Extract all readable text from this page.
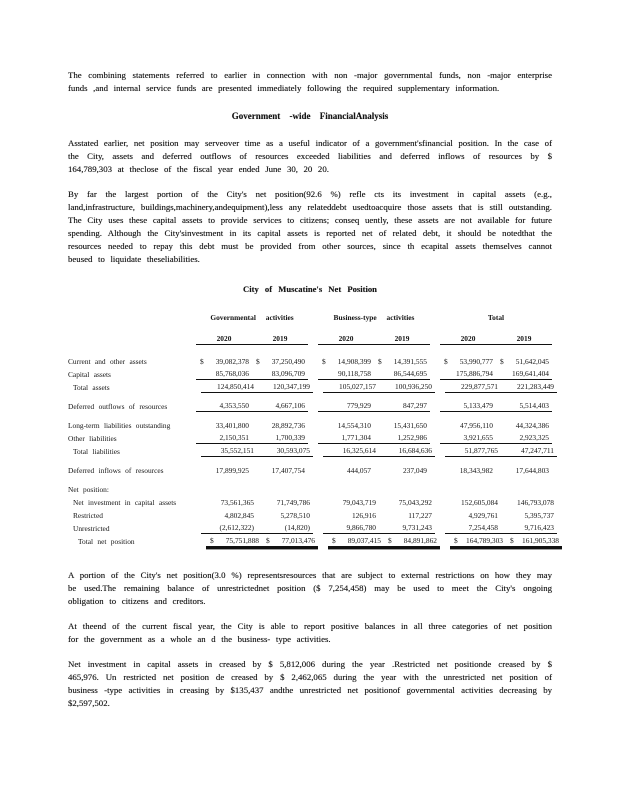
The combining statements referred to earlier in connection with non -major governmental funds, non -major enterprise funds ,and internal service funds are presented immediately following the required supplementary information.

Government -wide FinancialAnalysis

Asstated earlier, net position may serveover time as a useful indicator of a government'sfinancial position. In the case of the City, assets and deferred outflows of resources exceeded liabilities and deferred inflows of resources by $ 164,789,303 at theclose of the fiscal year ended June 30, 20 20.

By far the largest portion of the City's net position(92.6 %) refle cts its investment in capital assets (e.g., land,infrastructure, buildings,machinery,andequipment),less any relateddebt usedtoacquire those assets that is still outstanding. The City uses these capital assets to provide services to citizens; conseq uently, these assets are not available for future spending. Although the City'sinvestment in its capital assets is reported net of related debt, it should be notedthat the resources needed to repay this debt must be provided from other sources, since th ecapital assets themselves cannot beused to liquidate theseliabilities.

City of Muscatine's Net Position
Governmental activities	Business-type activities	Total
2020	2019	2020	2019	2020	2019
Current and other assets	$ 39,082,378 $ 37,250,490	$ 14,908,399 $ 14,391,555	$ 53,990,777 $ 51,642,045
Capital assets	85,768,036	83,096,709	90,118,758	86,544,695	175,886,794	169,641,404
Total assets	124,850,414	120,347,199	105,027,157	100,936,250	229,877,571	221,283,449
Deferred outflows of resources	4,353,550	4,667,106	779,929	847,297	5,133,479	5,514,403
Long-term liabilities outstanding	33,401,800	28,892,736	14,554,310	15,431,650	47,956,110	44,324,386
Other liabilities	2,150,351	1,700,339	1,771,304	1,252,986	3,921,655	2,923,325
Total liabilities	35,552,151	30,593,075	16,325,614	16,684,636	51,877,765	47,247,711
Deferred inflows of resources	17,899,925	17,407,754	444,057	237,049	18,343,982	17,644,803
Net position:
Net investment in capital assets	73,561,365	71,749,786	79,043,719	75,043,292	152,605,084	146,793,078
Restricted	4,802,845	5,278,510	126,916	117,227	4,929,761	5,395,737
Unrestricted	(2,612,322)	(14,820)	9,866,780	9,731,243	7,254,458	9,716,423
Total net position	$ 75,751,888 $ 77,013,476	$ 89,037,415 $ 84,891,862	$ 164,789,303 $ 161,905,338

A portion of the City's net position(3.0 %) representsresources that are subject to external restrictions on how they may be used.The remaining balance of unrestrictednet position ($ 7,254,458) may be used to meet the City's ongoing obligation to citizens and creditors.

At theend of the current fiscal year, the City is able to report positive balances in all three categories of net position for the government as a whole an d the business- type activities.

Net investment in capital assets in creased by $ 5,812,006 during the year .Restricted net positionde creased by $ 465,976. Un restricted net position de creased by $ 2,462,065 during the year with the unrestricted net position of business -type activities in creasing by $135,437 andthe unrestricted net positionof governmental activities decreasing by $2,597,502.
